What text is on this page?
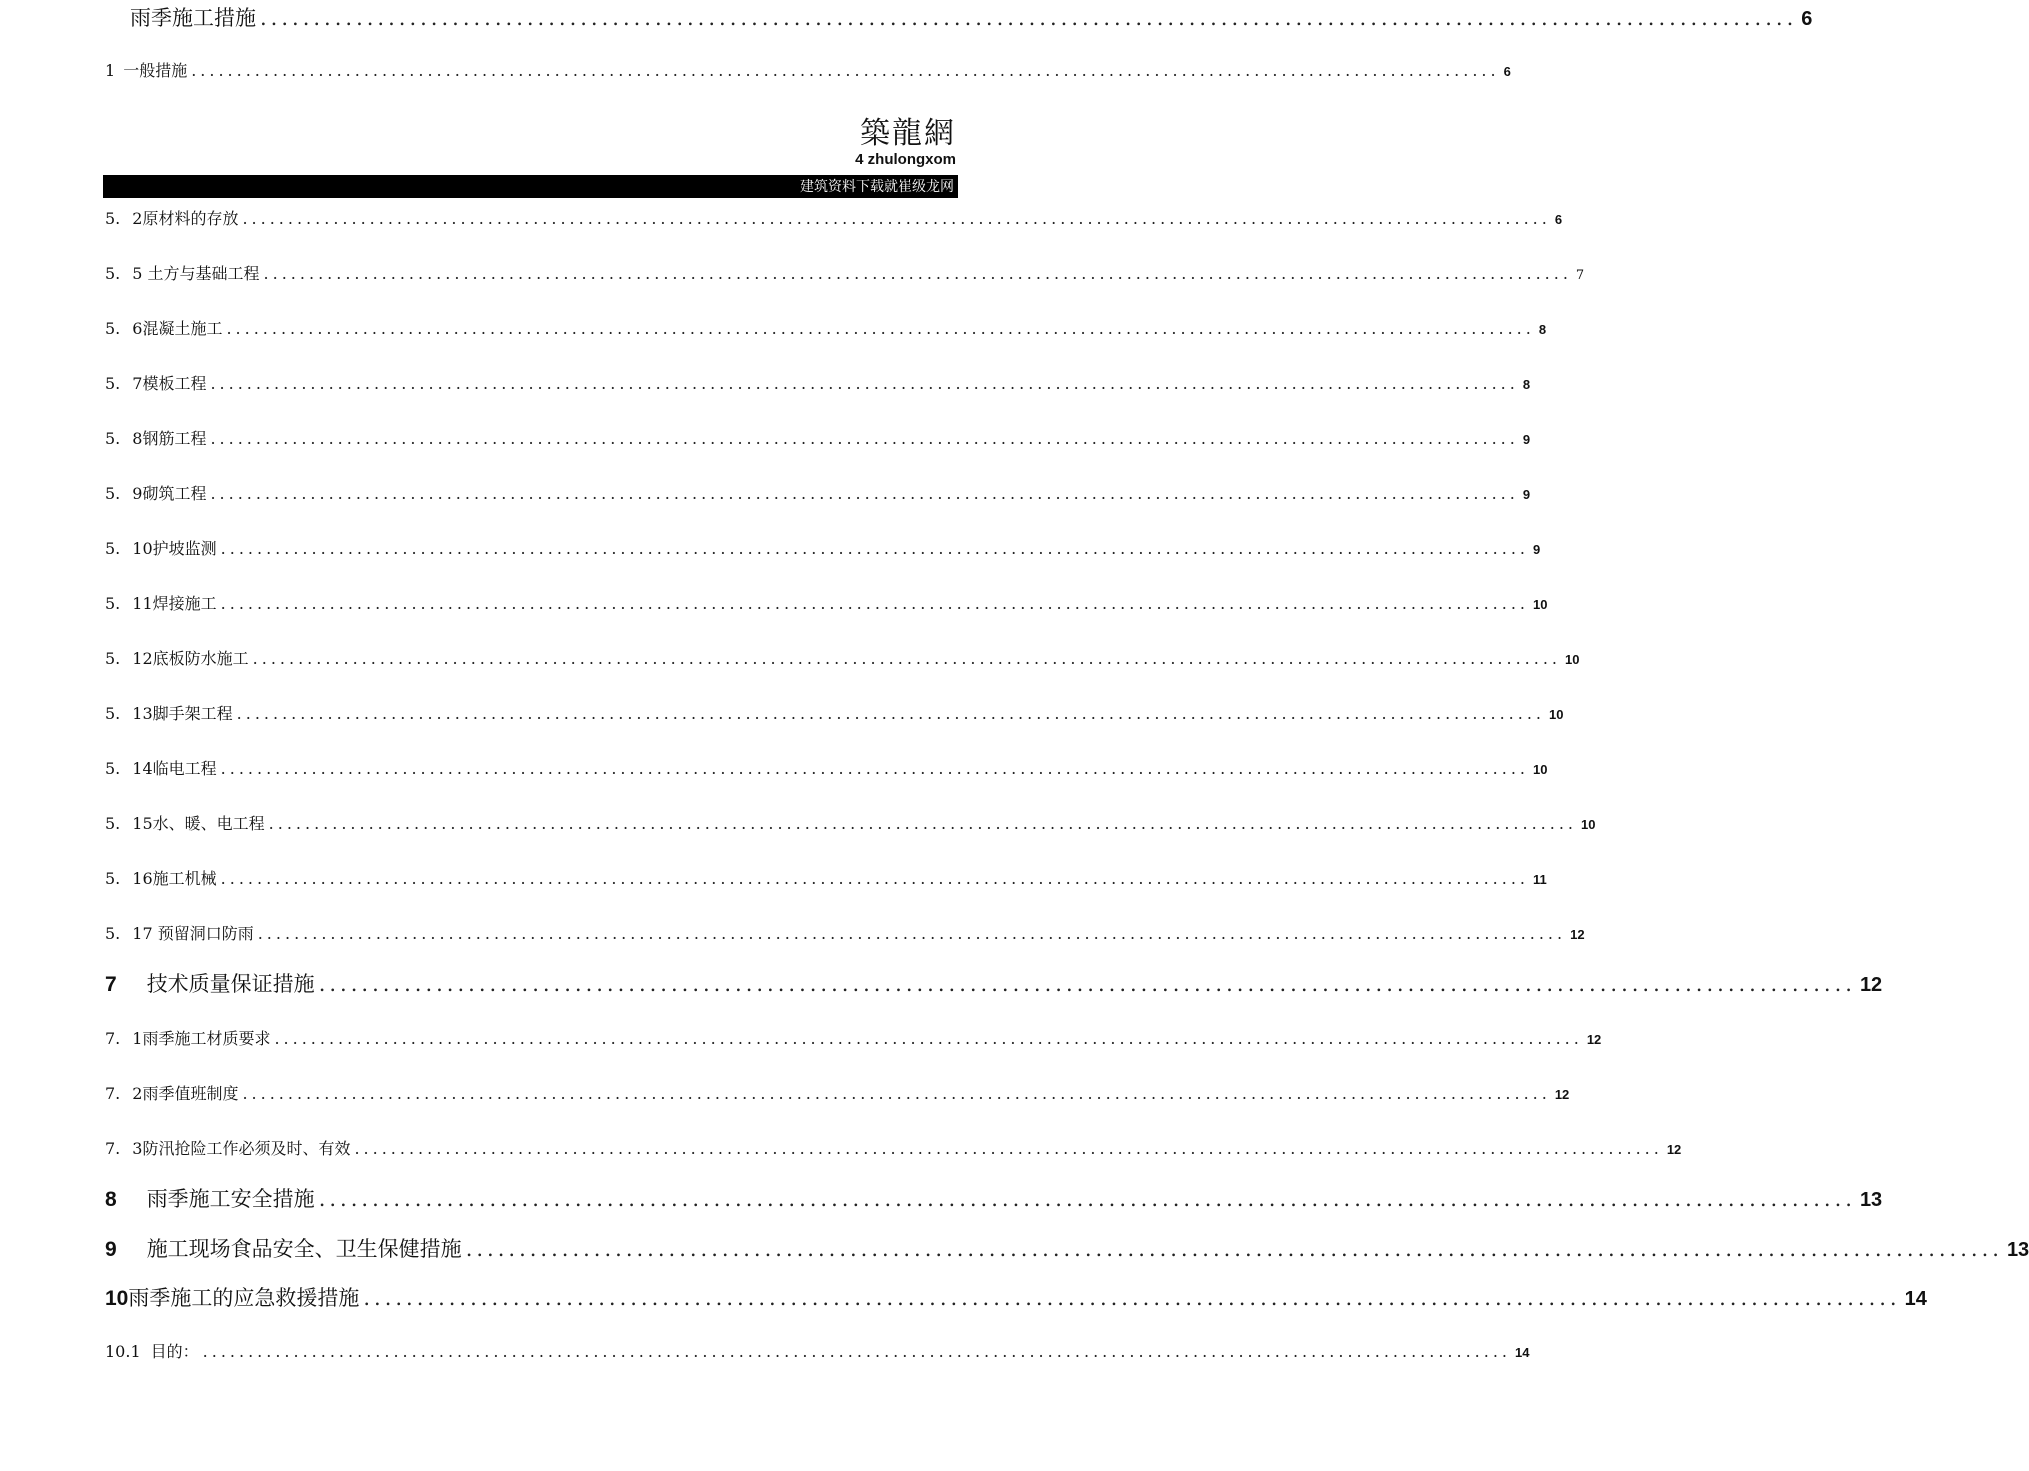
雨季施工措施 ................................................................................................................................................ 6
1 一般措施 ................................................................................................................................................ 6
築龍網
4 zhulongxom
建筑资料下载就崔级龙网
5. 2原材料的存放 ................................................................................................................................................ 6
5. 5 土方与基础工程 ................................................................................................................................................ 7
5. 6混凝土施工 ................................................................................................................................................ 8
5. 7模板工程 ................................................................................................................................................ 8
5. 8钢筋工程 ................................................................................................................................................ 9
5. 9砌筑工程 ................................................................................................................................................ 9
5. 10护坡监测 ................................................................................................................................................ 9
5. 11焊接施工 ................................................................................................................................................ 10
5. 12底板防水施工 ................................................................................................................................................ 10
5. 13脚手架工程 ................................................................................................................................................ 10
5. 14临电工程 ................................................................................................................................................ 10
5. 15水、暖、电工程 ................................................................................................................................................ 10
5. 16施工机械 ................................................................................................................................................ 11
5. 17 预留洞口防雨 ................................................................................................................................................ 12
7 技术质量保证措施 ................................................................................................................................................ 12
7. 1雨季施工材质要求 ................................................................................................................................................ 12
7. 2雨季值班制度 ................................................................................................................................................ 12
7. 3防汛抢险工作必须及时、有效 ................................................................................................................................................ 12
8 雨季施工安全措施 ................................................................................................................................................ 13
9 施工现场食品安全、卫生保健措施 ................................................................................................................................................ 13
10 雨季施工的应急救援措施 ................................................................................................................................................ 14
10.1 目的： ................................................................................................................................................ 14
